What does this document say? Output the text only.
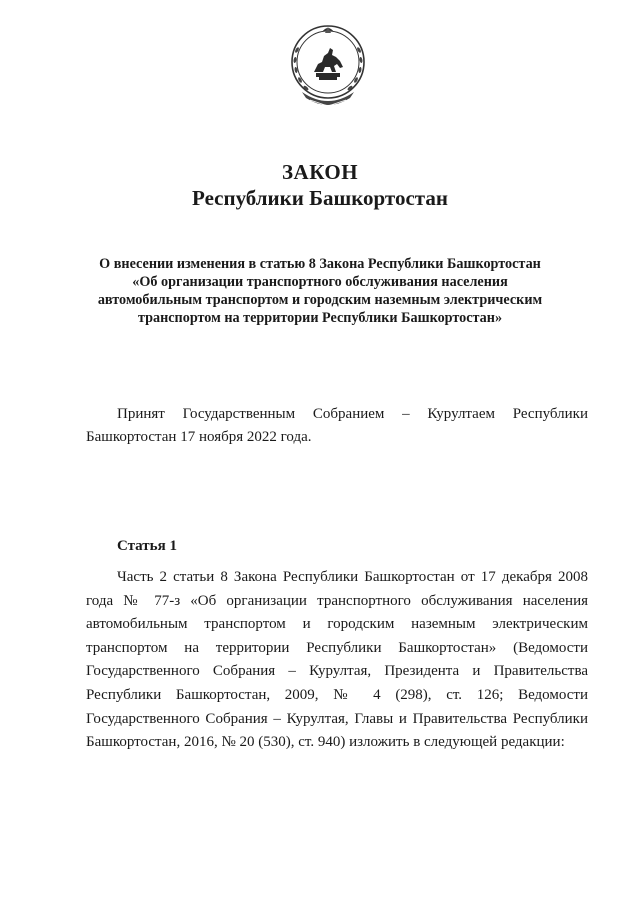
ЗАКОН
Республики Башкортостан
О внесении изменения в статью 8 Закона Республики Башкортостан
«Об организации транспортного обслуживания населения
автомобильным транспортом и городским наземным электрическим
транспортом на территории Республики Башкортостан»
Принят Государственным Собранием – Курултаем Республики
Башкортостан 17 ноября 2022 года.
Статья 1
Часть 2 статьи 8 Закона Республики Башкортостан от 17 декабря 2008
года № 77-з «Об организации транспортного обслуживания населения
автомобильным транспортом и городским наземным электрическим
транспортом на территории Республики Башкортостан» (Ведомости
Государственного Собрания – Курултая, Президента и Правительства
Республики Башкортостан, 2009, № 4 (298), ст. 126; Ведомости
Государственного Собрания – Курултая, Главы и Правительства Республики
Башкортостан, 2016, № 20 (530), ст. 940) изложить в следующей редакции:
